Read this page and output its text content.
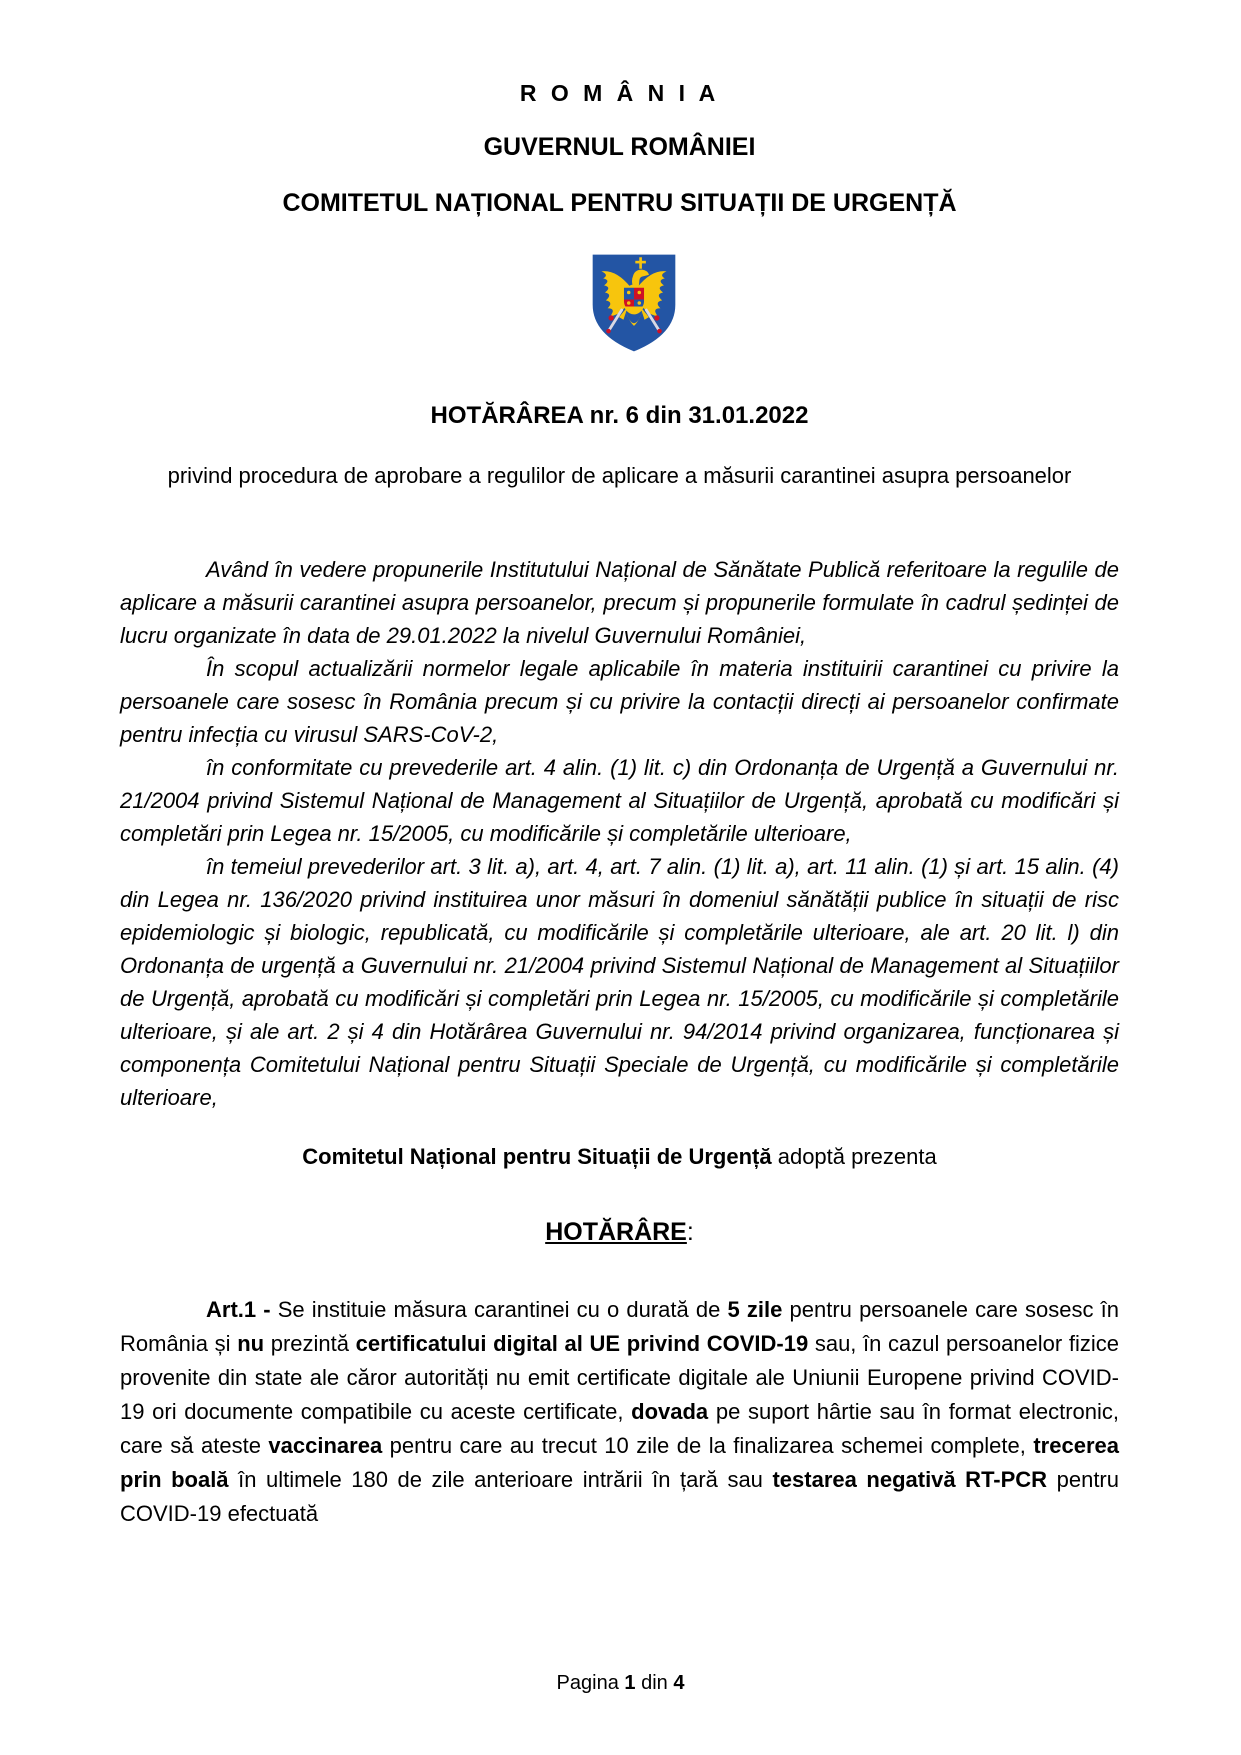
R O M Â N I A
GUVERNUL ROMÂNIEI
COMITETUL NAȚIONAL PENTRU SITUAȚII DE URGENȚĂ
HOTĂRÂREA nr. 6 din 31.01.2022
privind procedura de aprobare a regulilor de aplicare a măsurii carantinei asupra persoanelor

Având în vedere propunerile Institutului Național de Sănătate Publică referitoare la regulile de aplicare a măsurii carantinei asupra persoanelor, precum și propunerile formulate în cadrul ședinței de lucru organizate în data de 29.01.2022 la nivelul Guvernului României,

În scopul actualizării normelor legale aplicabile în materia instituirii carantinei cu privire la persoanele care sosesc în România precum și cu privire la contacții direcți ai persoanelor confirmate pentru infecția cu virusul SARS-CoV-2,

în conformitate cu prevederile art. 4 alin. (1) lit. c) din Ordonanța de Urgență a Guvernului nr. 21/2004 privind Sistemul Național de Management al Situațiilor de Urgență, aprobată cu modificări și completări prin Legea nr. 15/2005, cu modificările și completările ulterioare,

în temeiul prevederilor art. 3 lit. a), art. 4, art. 7 alin. (1) lit. a), art. 11 alin. (1) și art. 15 alin. (4) din Legea nr. 136/2020 privind instituirea unor măsuri în domeniul sănătății publice în situații de risc epidemiologic și biologic, republicată, cu modificările și completările ulterioare, ale art. 20 lit. l) din Ordonanța de urgență a Guvernului nr. 21/2004 privind Sistemul Național de Management al Situațiilor de Urgență, aprobată cu modificări și completări prin Legea nr. 15/2005, cu modificările și completările ulterioare, și ale art. 2 și 4 din Hotărârea Guvernului nr. 94/2014 privind organizarea, funcționarea și componența Comitetului Național pentru Situații Speciale de Urgență, cu modificările și completările ulterioare,

Comitetul Național pentru Situații de Urgență adoptă prezenta

HOTĂRÂRE:

Art.1 - Se instituie măsura carantinei cu o durată de 5 zile pentru persoanele care sosesc în România și nu prezintă certificatului digital al UE privind COVID-19 sau, în cazul persoanelor fizice provenite din state ale căror autorități nu emit certificate digitale ale Uniunii Europene privind COVID-19 ori documente compatibile cu aceste certificate, dovada pe suport hârtie sau în format electronic, care să ateste vaccinarea pentru care au trecut 10 zile de la finalizarea schemei complete, trecerea prin boală în ultimele 180 de zile anterioare intrării în țară sau testarea negativă RT-PCR pentru COVID-19 efectuată

Pagina 1 din 4
